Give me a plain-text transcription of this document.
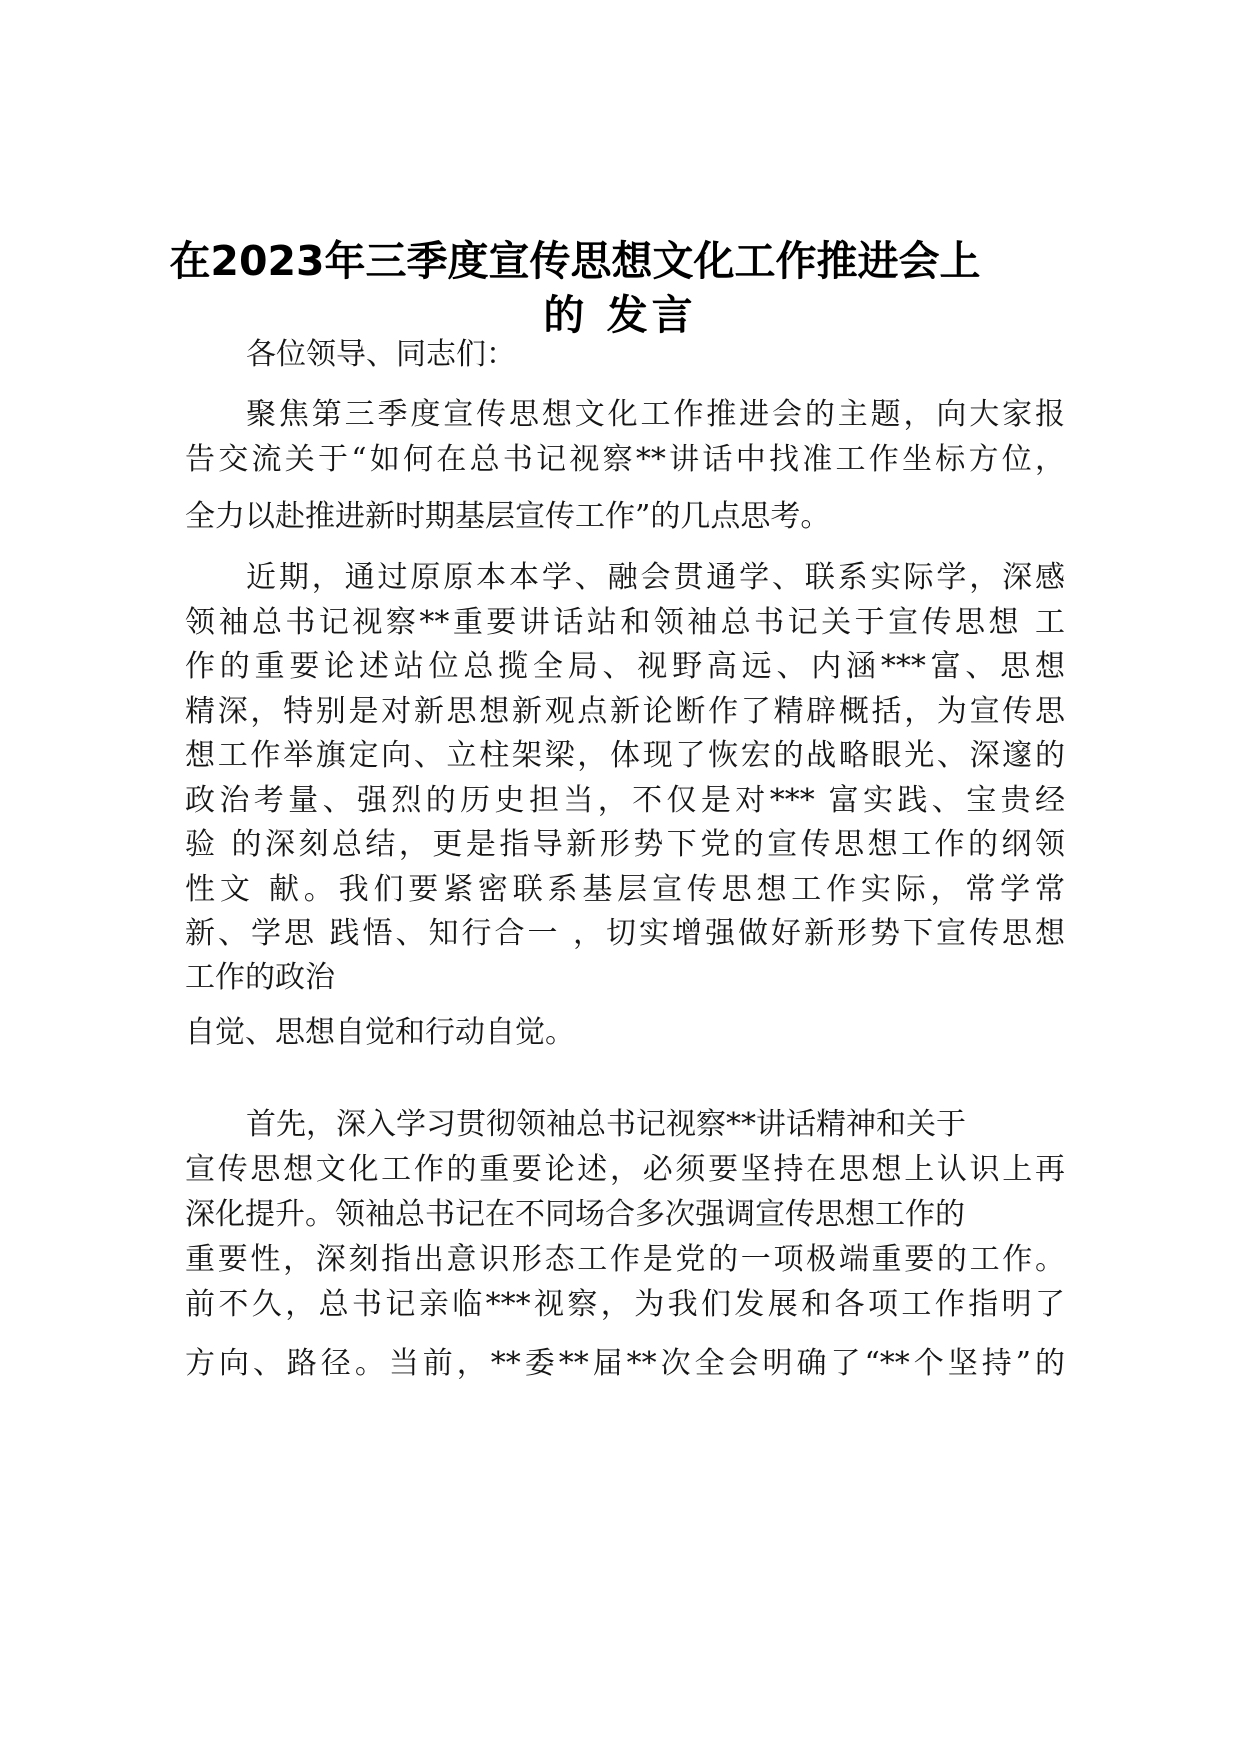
在2023年三季度宣传思想文化工作推进会上
的 发言
各位领导、同志们：
聚焦第三季度宣传思想文化工作推进会的主题，向大家报
告交流关于“如何在总书记视察**讲话中找准工作坐标方位，
全力以赴推进新时期基层宣传工作”的几点思考。
近期，通过原原本本学、融会贯通学、联系实际学，深感
领袖总书记视察**重要讲话站和领袖总书记关于宣传思想 工
作的重要论述站位总揽全局、视野高远、内涵***富、思想
精深，特别是对新思想新观点新论断作了精辟概括，为宣传思
想工作举旗定向、立柱架梁，体现了恢宏的战略眼光、深邃的
政治考量、强烈的历史担当，不仅是对*** 富实践、宝贵经
验 的深刻总结，更是指导新形势下党的宣传思想工作的纲领
性文 献。我们要紧密联系基层宣传思想工作实际，常学常
新、学思 践悟、知行合一 ，切实增强做好新形势下宣传思想
工作的政治
自觉、思想自觉和行动自觉。
首先，深入学习贯彻领袖总书记视察**讲话精神和关于
宣传思想文化工作的重要论述，必须要坚持在思想上认识上再
深化提升。领袖总书记在不同场合多次强调宣传思想工作的
重要性，深刻指出意识形态工作是党的一项极端重要的工作。
前不久，总书记亲临***视察，为我们发展和各项工作指明了
方向、路径。当前，**委**届**次全会明确了“**个坚持”的
